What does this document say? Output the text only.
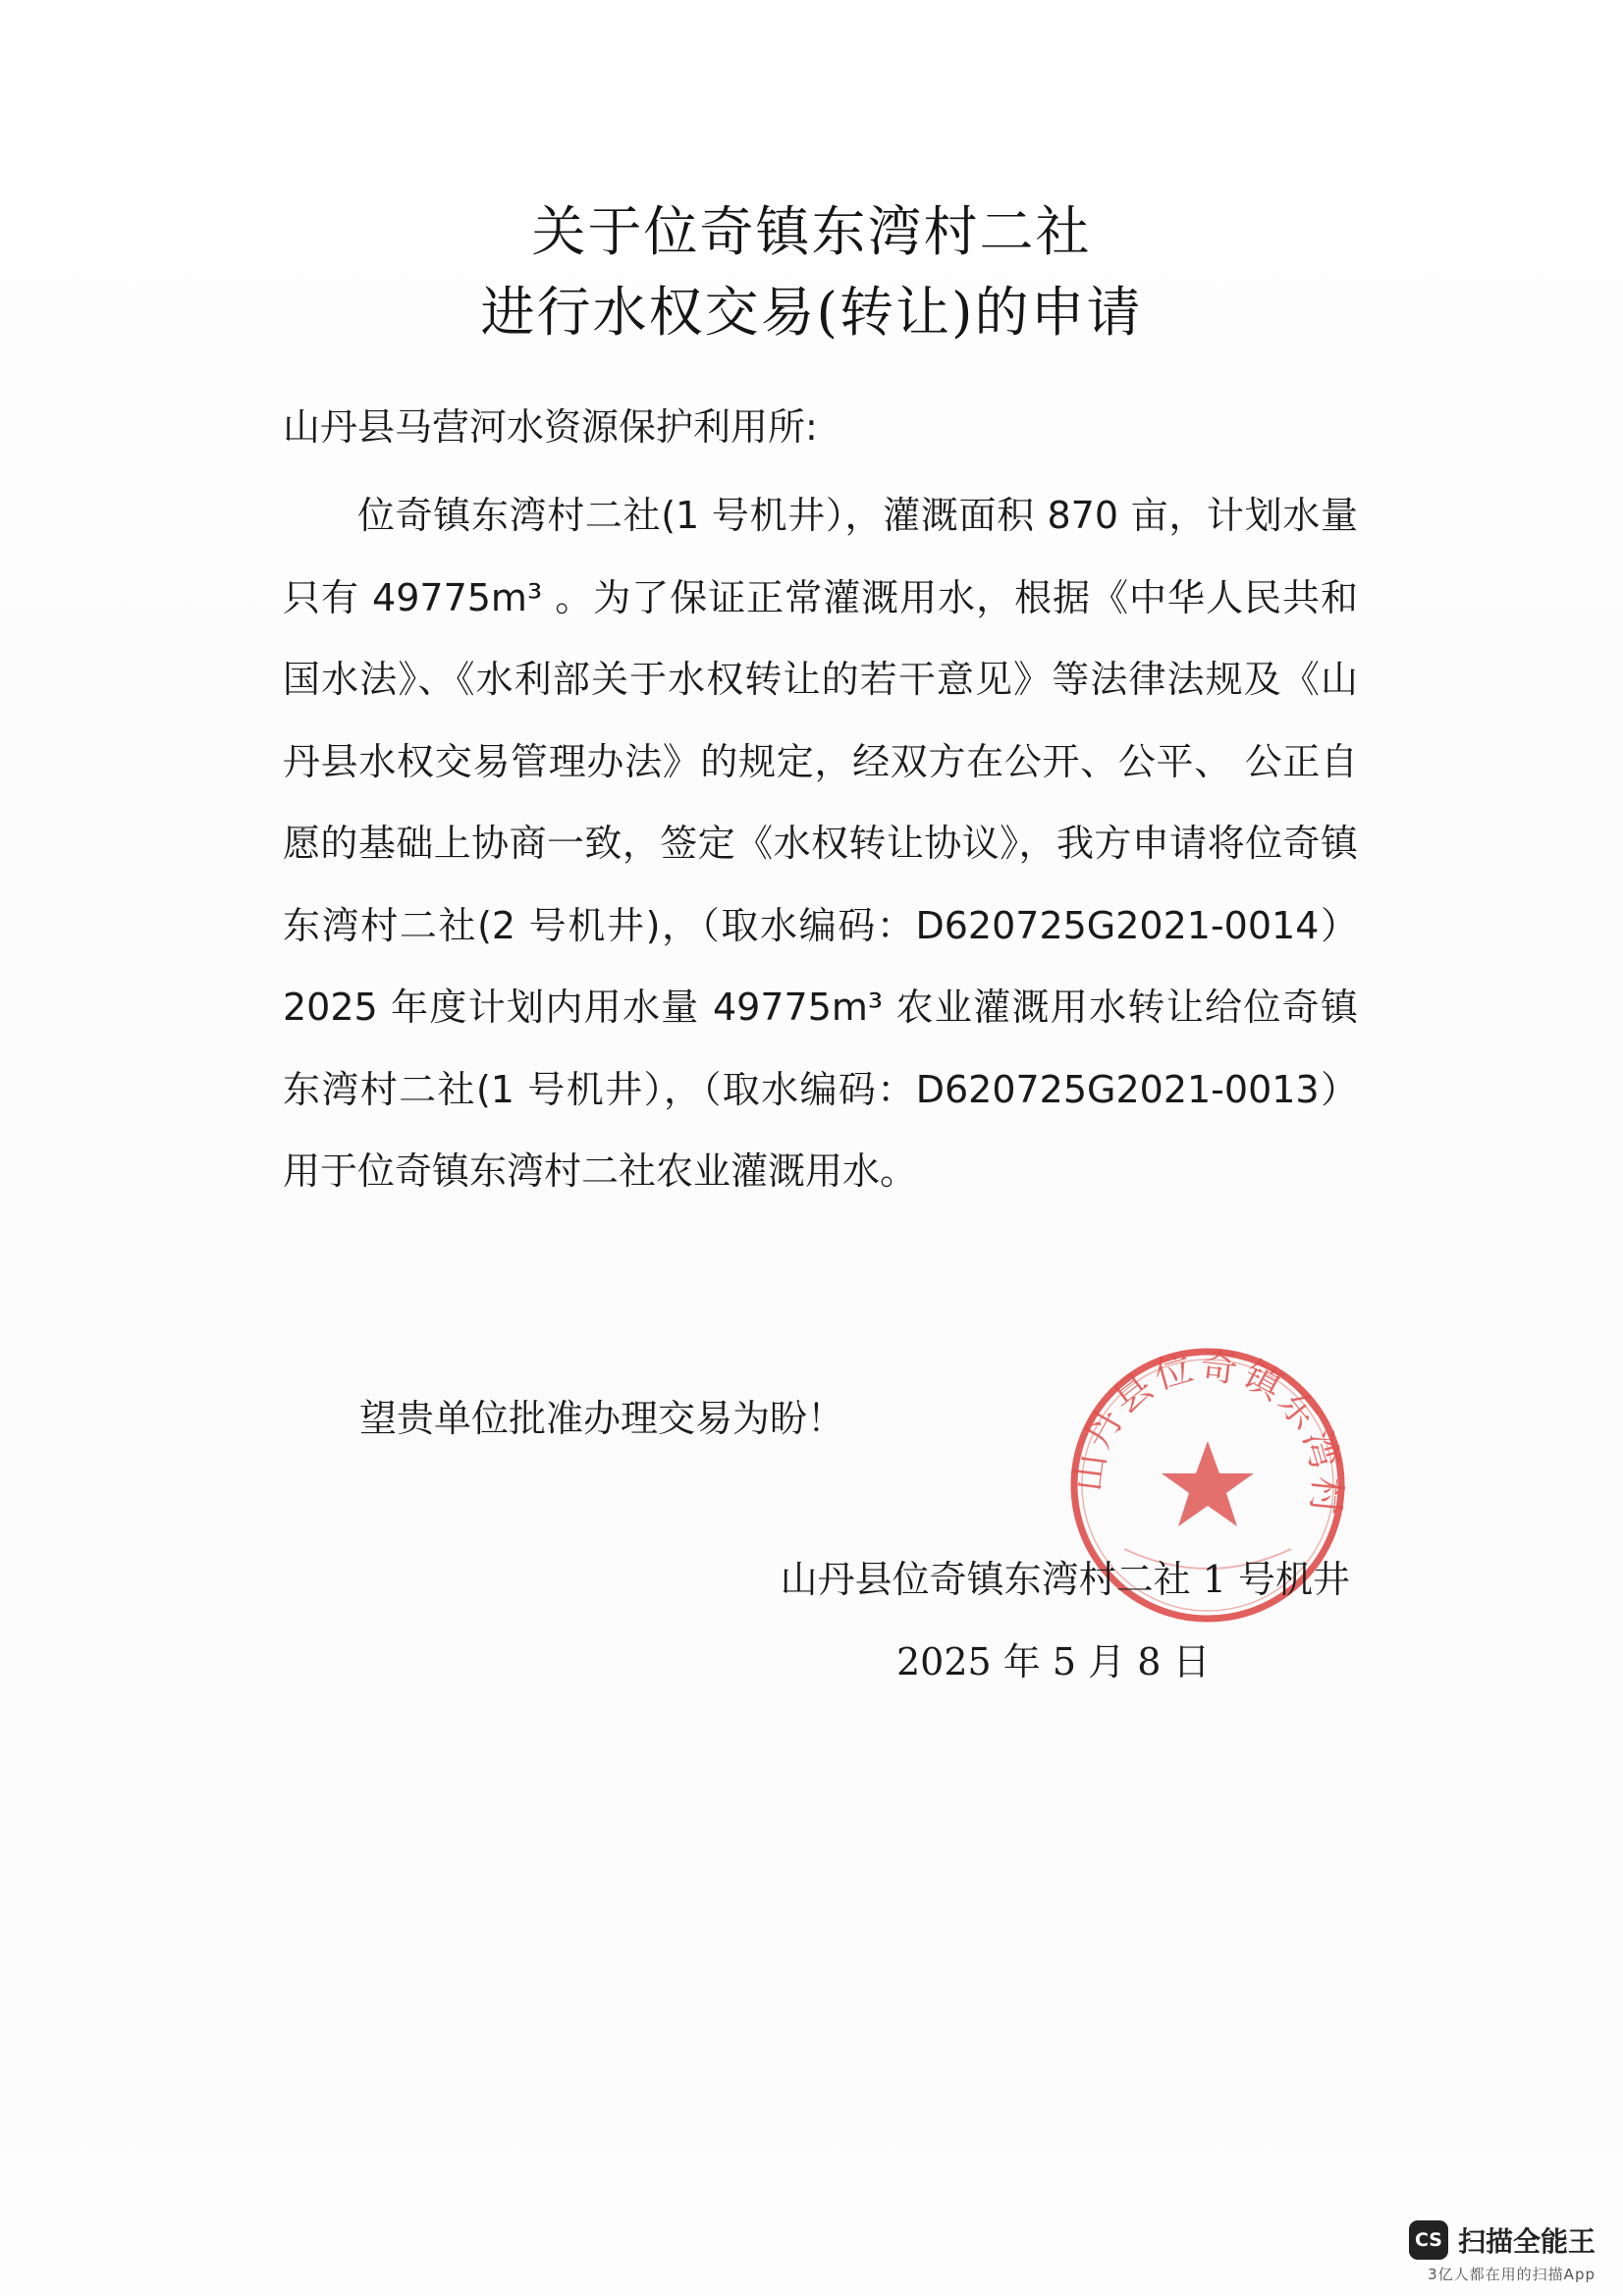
关于位奇镇东湾村二社
进行水权交易(转让)的申请
山丹县马营河水资源保护利用所:

位奇镇东湾村二社(1 号机井），灌溉面积 870 亩，计划水量只有 49775m³ 。为了保证正常灌溉用水，根据《中华人民共和国水法》、《水利部关于水权转让的若干意见》等法律法规及《山丹县水权交易管理办法》的规定，经双方在公开、公平、 公正自愿的基础上协商一致，签定《水权转让协议》，我方申请将位奇镇东湾村二社(2 号机井)，（取水编码：D620725G2021-0014）2025 年度计划内用水量 49775m³ 农业灌溉用水转让给位奇镇东湾村二社(1 号机井），（取水编码：D620725G2021-0013）用于位奇镇东湾村二社农业灌溉用水。

望贵单位批准办理交易为盼！
山丹县位奇镇东湾村
山丹县位奇镇东湾村二社 1 号机井
2025 年 5 月 8 日
CS 扫描全能王
3亿人都在用的扫描App
